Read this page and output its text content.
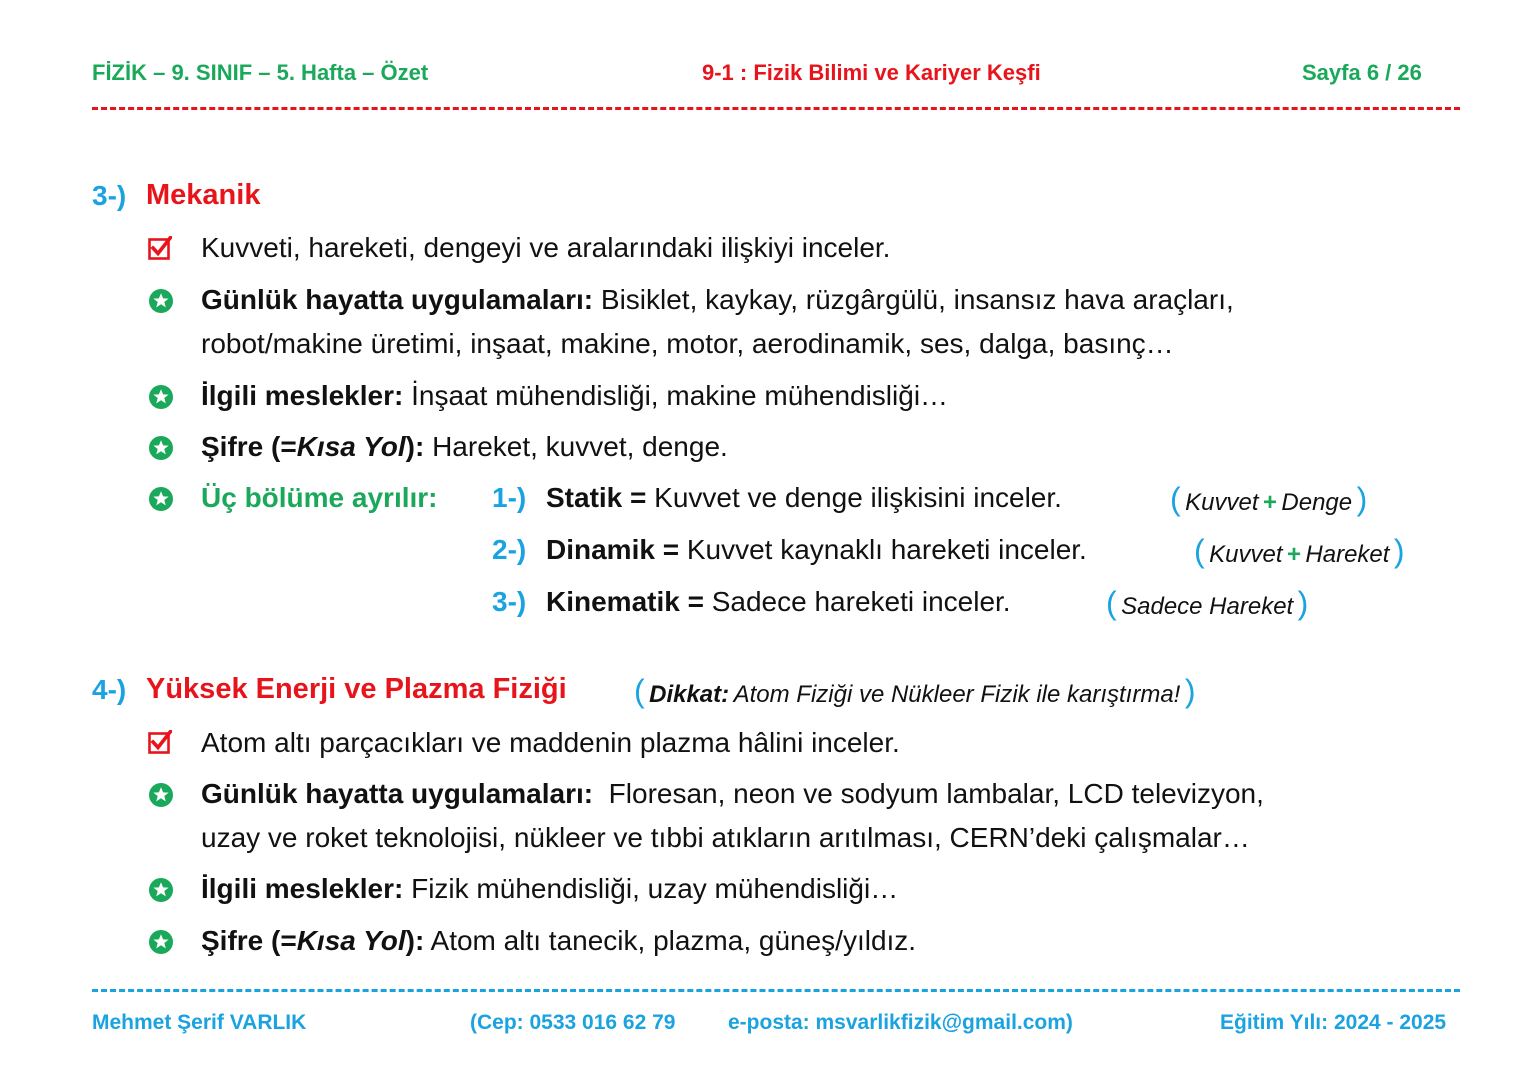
FİZİK – 9. SINIF – 5. Hafta – Özet	9-1 : Fizik Bilimi ve Kariyer Keşfi	Sayfa 6 / 26
3-) Mekanik
Kuvveti, hareketi, dengeyi ve aralarındaki ilişkiyi inceler.
Günlük hayatta uygulamaları: Bisiklet, kaykay, rüzgârgülü, insansız hava araçları,
robot/makine üretimi, inşaat, makine, motor, aerodinamik, ses, dalga, basınç…
İlgili meslekler: İnşaat mühendisliği, makine mühendisliği…
Şifre (=Kısa Yol): Hareket, kuvvet, denge.
Üç bölüme ayrılır: 1-) Statik = Kuvvet ve denge ilişkisini inceler.	( Kuvvet + Denge )
2-) Dinamik = Kuvvet kaynaklı hareketi inceler.	( Kuvvet + Hareket )
3-) Kinematik = Sadece hareketi inceler.	( Sadece Hareket )
4-) Yüksek Enerji ve Plazma Fiziği ( Dikkat: Atom Fiziği ve Nükleer Fizik ile karıştırma! )
Atom altı parçacıkları ve maddenin plazma hâlini inceler.
Günlük hayatta uygulamaları: Floresan, neon ve sodyum lambalar, LCD televizyon,
uzay ve roket teknolojisi, nükleer ve tıbbi atıkların arıtılması, CERN’deki çalışmalar…
İlgili meslekler: Fizik mühendisliği, uzay mühendisliği…
Şifre (=Kısa Yol): Atom altı tanecik, plazma, güneş/yıldız.
Mehmet Şerif VARLIK	(Cep: 0533 016 62 79	e-posta: msvarlikfizik@gmail.com)	Eğitim Yılı: 2024 - 2025
